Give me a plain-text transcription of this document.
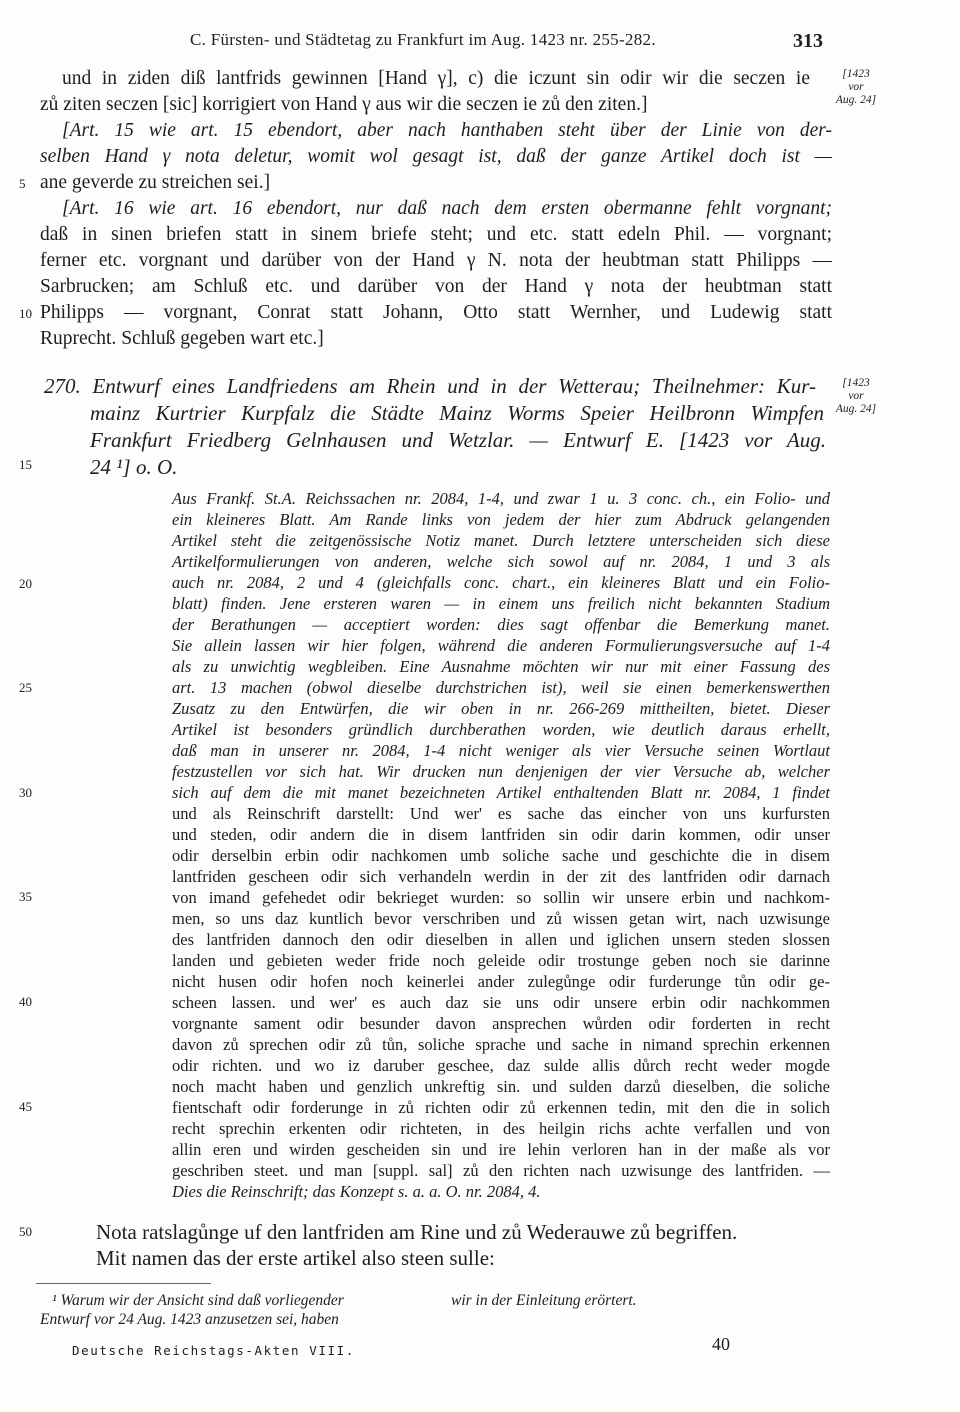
C. Fürsten- und Städtetag zu Frankfurt im Aug. 1423 nr. 255-282.	313
[1423
vor
Aug. 24]
[1423
vor
Aug. 24]
5
10
15
20
25
30
35
40
45
50
und in ziden diß lantfrids gewinnen [Hand γ], c) die iczunt sin odir wir die seczen ie
zů ziten seczen [sic] korrigiert von Hand γ aus wir die seczen ie zů den ziten.]
[Art. 15 wie art. 15 ebendort, aber nach hanthaben steht über der Linie von der-
selben Hand γ nota deletur, womit wol gesagt ist, daß der ganze Artikel doch ist —
ane geverde zu streichen sei.]
[Art. 16 wie art. 16 ebendort, nur daß nach dem ersten obermanne fehlt vorgnant;
daß in sinen briefen statt in sinem briefe steht; und etc. statt edeln Phil. — vorgnant;
ferner etc. vorgnant und darüber von der Hand γ N. nota der heubtman statt Philipps —
Sarbrucken; am Schluß etc. und darüber von der Hand γ nota der heubtman statt
Philipps — vorgnant, Conrat statt Johann, Otto statt Wernher, und Ludewig statt
Ruprecht. Schluß gegeben wart etc.]
270. Entwurf eines Landfriedens am Rhein und in der Wetterau; Theilnehmer: Kur-
mainz Kurtrier Kurpfalz die Städte Mainz Worms Speier Heilbronn Wimpfen
Frankfurt Friedberg Gelnhausen und Wetzlar. — Entwurf E. [1423 vor Aug.
24 ¹] o. O.
Aus Frankf. St.A. Reichssachen nr. 2084, 1-4, und zwar 1 u. 3 conc. ch., ein Folio- und
ein kleineres Blatt. Am Rande links von jedem der hier zum Abdruck gelangenden
Artikel steht die zeitgenössische Notiz manet. Durch letztere unterscheiden sich diese
Artikelformulierungen von anderen, welche sich sowol auf nr. 2084, 1 und 3 als
auch nr. 2084, 2 und 4 (gleichfalls conc. chart., ein kleineres Blatt und ein Folio-
blatt) finden. Jene ersteren waren — in einem uns freilich nicht bekannten Stadium
der Berathungen — acceptiert worden: dies sagt offenbar die Bemerkung manet.
Sie allein lassen wir hier folgen, während die anderen Formulierungsversuche auf 1-4
als zu unwichtig wegbleiben. Eine Ausnahme möchten wir nur mit einer Fassung des
art. 13 machen (obwol dieselbe durchstrichen ist), weil sie einen bemerkenswerthen
Zusatz zu den Entwürfen, die wir oben in nr. 266-269 mittheilten, bietet. Dieser
Artikel ist besonders gründlich durchberathen worden, wie deutlich daraus erhellt,
daß man in unserer nr. 2084, 1-4 nicht weniger als vier Versuche seinen Wortlaut
festzustellen vor sich hat. Wir drucken nun denjenigen der vier Versuche ab, welcher
sich auf dem die mit manet bezeichneten Artikel enthaltenden Blatt nr. 2084, 1 findet
und als Reinschrift darstellt: Und wer' es sache das eincher von uns kurfursten
und steden, odir andern die in disem lantfriden sin odir darin kommen, odir unser
odir derselbin erbin odir nachkomen umb soliche sache und geschichte die in disem
lantfriden gescheen odir sich verhandeln werdin in der zit des lantfriden odir darnach
von imand gefehedet odir bekrieget wurden: so sollin wir unsere erbin und nachkom-
men, so uns daz kuntlich bevor verschriben und zů wissen getan wirt, nach uzwisunge
des lantfriden dannoch den odir dieselben in allen und iglichen unsern steden slossen
landen und gebieten weder fride noch geleide odir trostunge geben noch sie darinne
nicht husen odir hofen noch keinerlei ander zulegůnge odir furderunge tůn odir ge-
scheen lassen. und wer' es auch daz sie uns odir unsere erbin odir nachkommen
vorgnante sament odir besunder davon ansprechen wůrden odir forderten in recht
davon zů sprechen odir zů tůn, soliche sprache und sache in nimand sprechin erkennen
odir richten. und wo iz daruber geschee, daz sulde allis důrch recht weder mogde
noch macht haben und genzlich unkreftig sin. und sulden darzů dieselben, die soliche
fientschaft odir forderunge in zů richten odir zů erkennen tedin, mit den die in solich
recht sprechin erkenten odir richteten, in des heilgin richs achte verfallen und von
allin eren und wirden gescheiden sin und ire lehin verloren han in der maße als vor
geschriben steet. und man [suppl. sal] zů den richten nach uzwisunge des lantfriden. —
Dies die Reinschrift; das Konzept s. a. a. O. nr. 2084, 4.
Nota ratslagůnge uf den lantfriden am Rine und zů Wederauwe zů begriffen.
Mit namen das der erste artikel also steen sulle:
¹ Warum wir der Ansicht sind daß vorliegender	wir in der Einleitung erörtert.
Entwurf vor 24 Aug. 1423 anzusetzen sei, haben
Deutsche Reichstags-Akten VIII.	40
